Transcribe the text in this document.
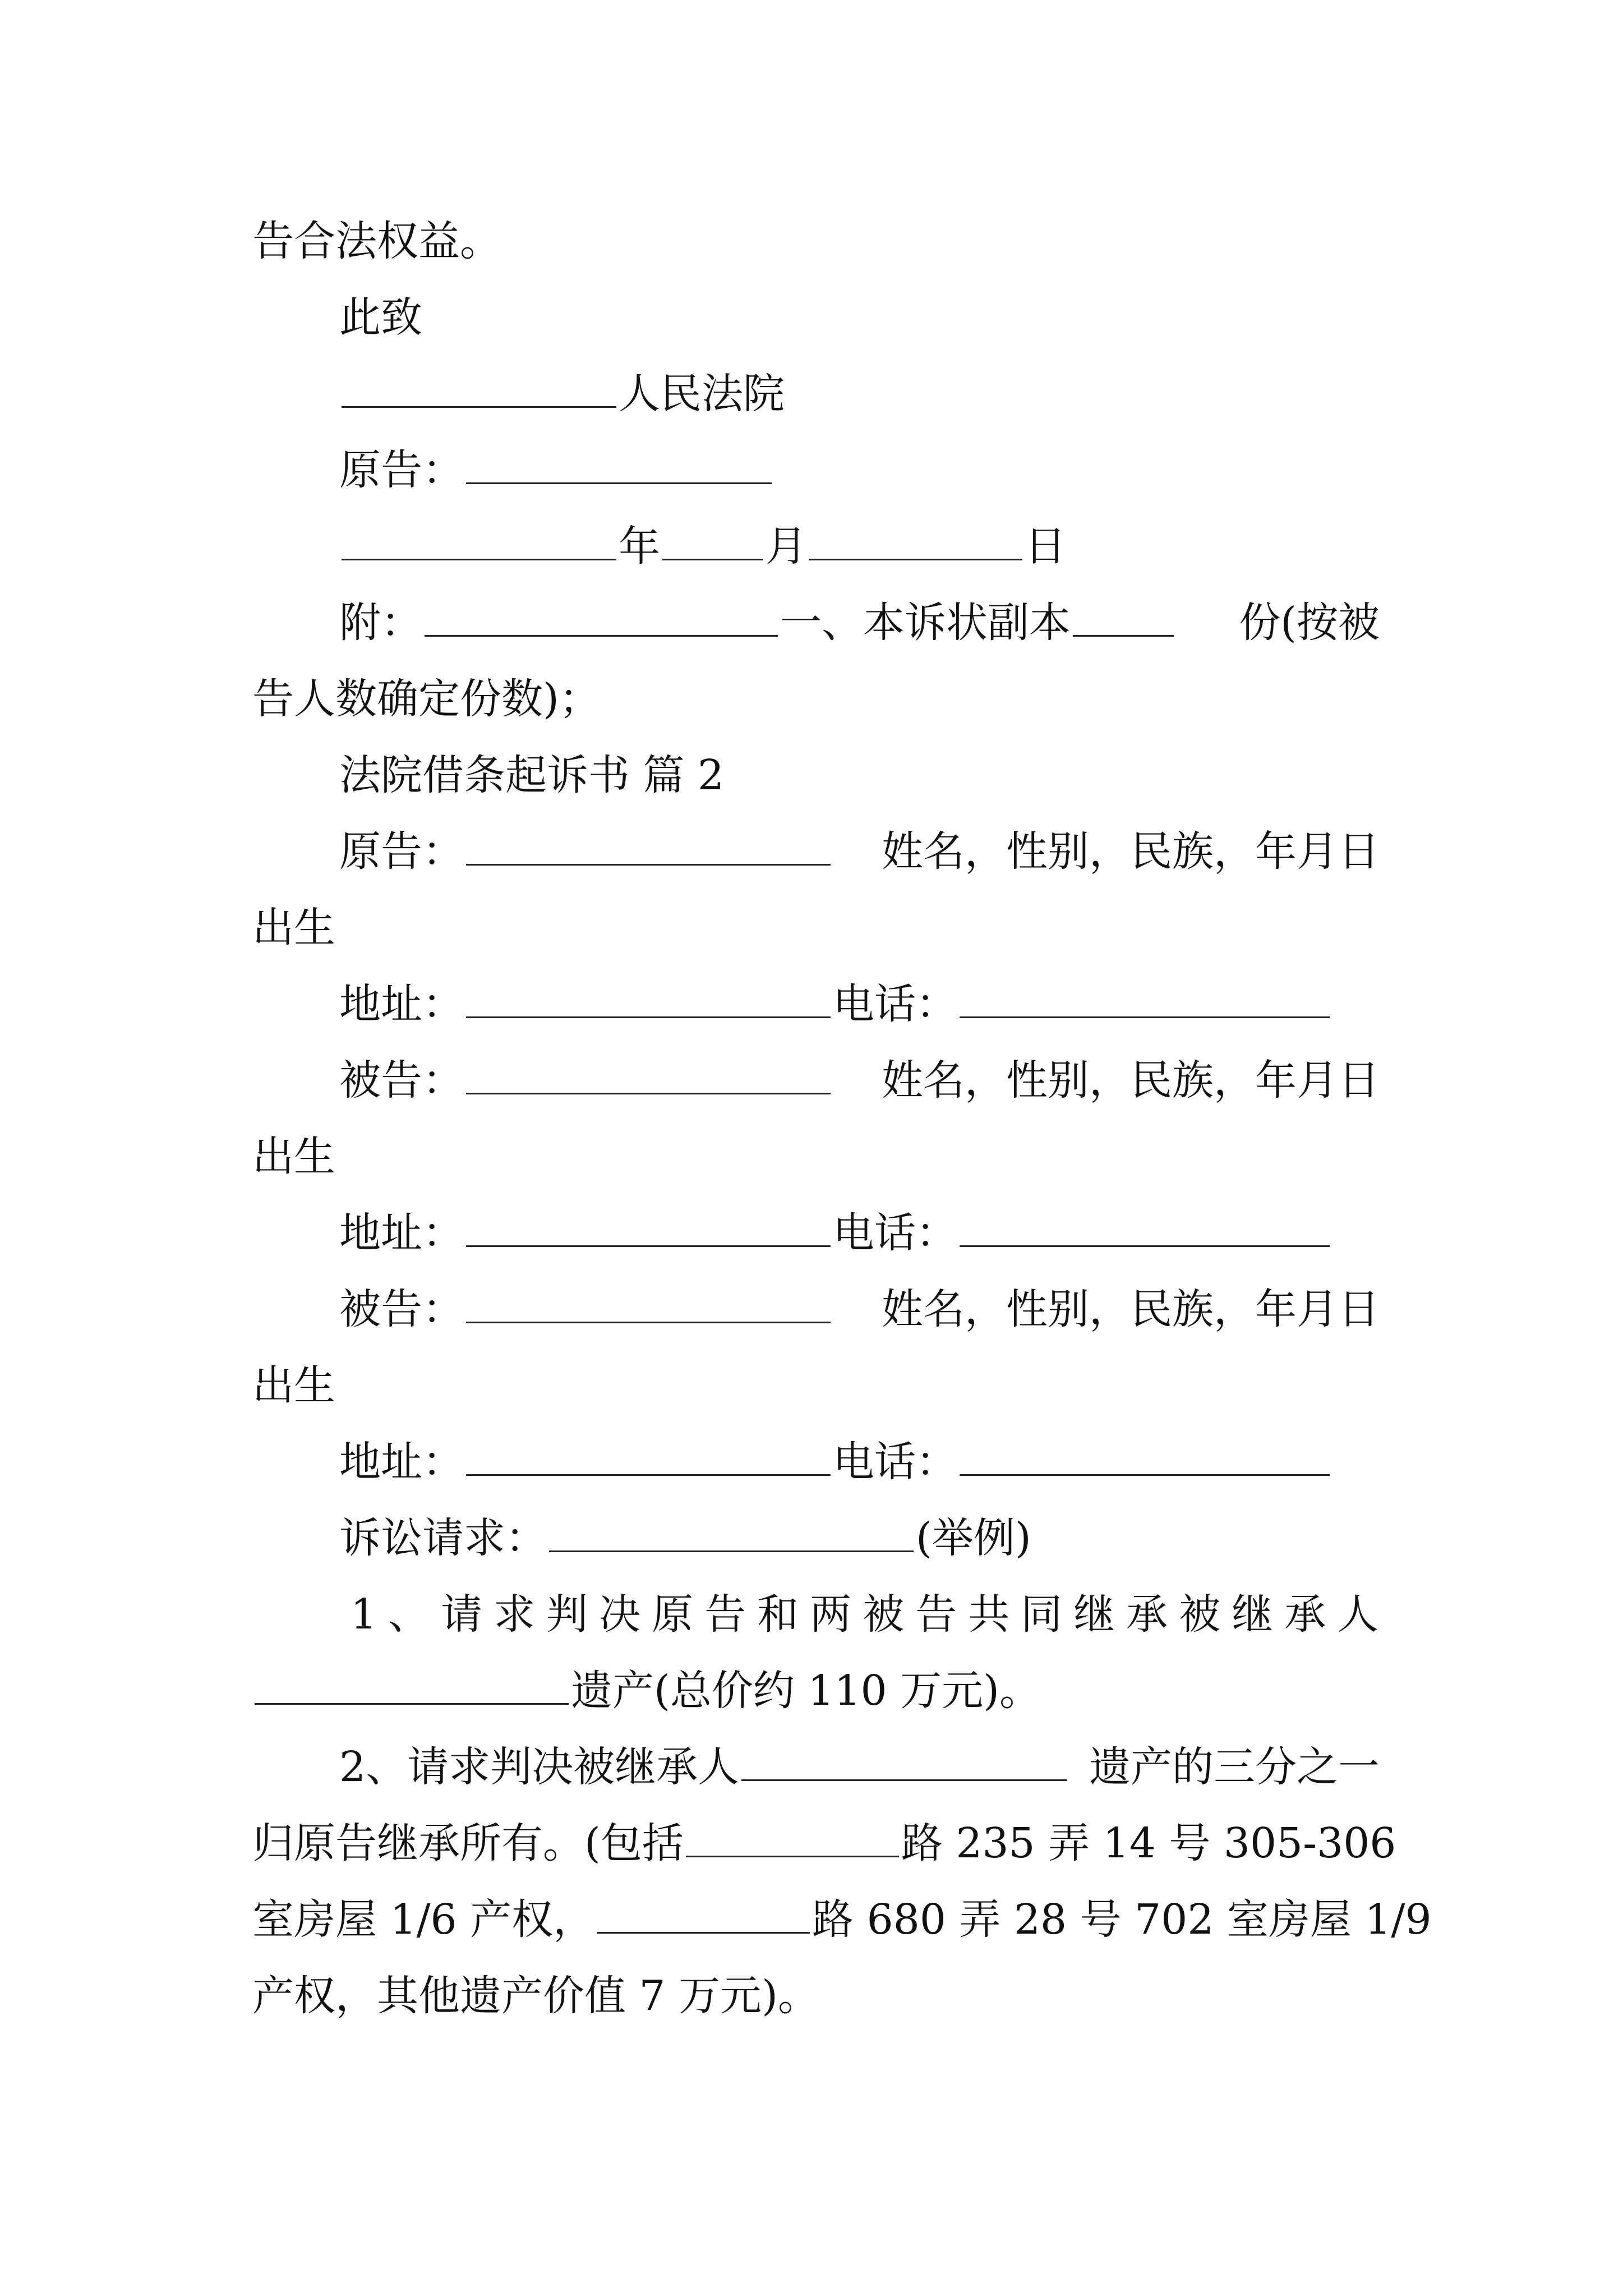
告合法权益。
此致
人民法院
原告：
年	月	日
附：	一、本诉状副本	份(按被
告人数确定份数)；
法院借条起诉书 篇 2
原告：	姓名，性别，民族，年月日
出生
地址：	电话：
被告：	姓名，性别，民族，年月日
出生
地址：	电话：
被告：	姓名，性别，民族，年月日
出生
地址：	电话：
诉讼请求：	(举例)
1、请求判决原告和两被告共同继承被继承人
遗产(总价约 110 万元)。
2、请求判决被继承人	遗产的三分之一
归原告继承所有。(包括	路 235 弄 14 号 305-306
室房屋 1/6 产权，	路 680 弄 28 号 702 室房屋 1/9
产权，其他遗产价值 7 万元)。
